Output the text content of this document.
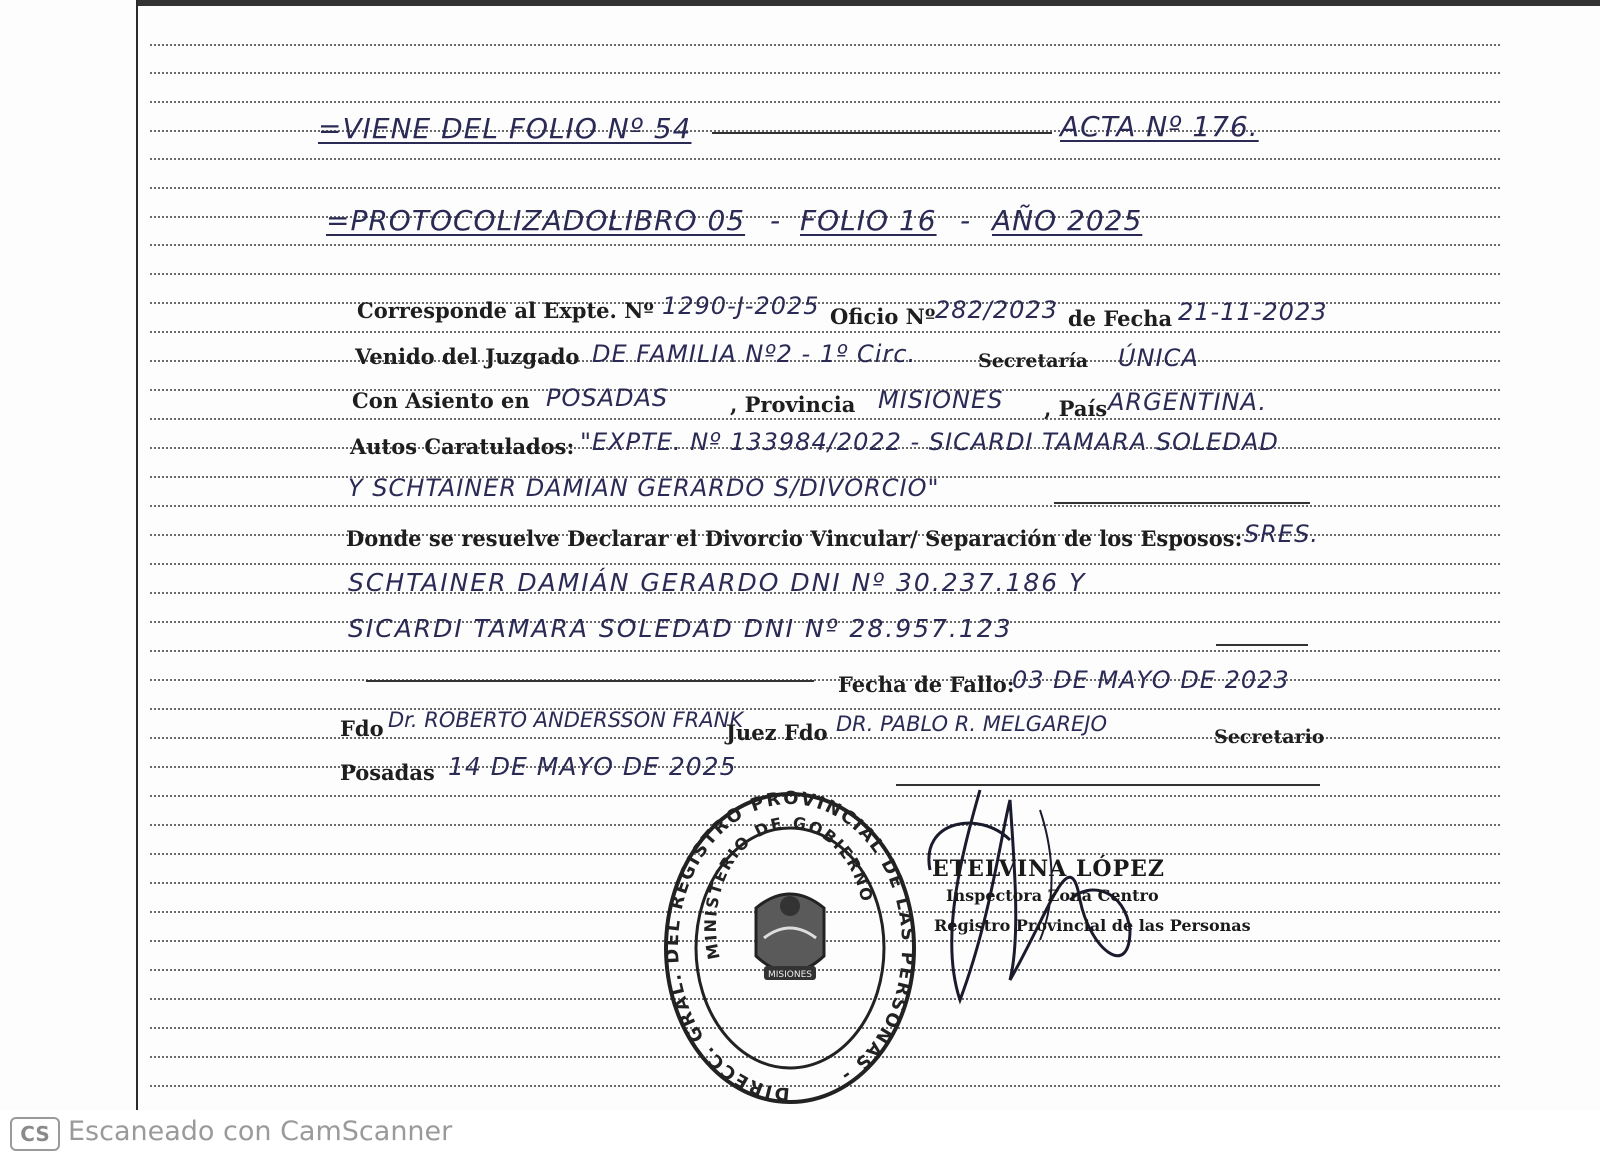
=VIENE DEL FOLIO Nº 54	ACTA Nº 176.
=PROTOCOLIZADO:
LIBRO 05 - FOLIO 16 - AÑO 2025
Corresponde al Expte. Nº 1290-J-2025 Oficio Nº 282/2023 de Fecha 21-11-2023
Venido del Juzgado DE FAMILIA Nº2 - 1º Circ.	Secretaría ÚNICA
Con Asiento en POSADAS	, Provincia MISIONES , País ARGENTINA.
Autos Caratulados: "EXPTE. Nº 133984/2022 - SICARDI TAMARA SOLEDAD
Y SCHTAINER DAMIAN GERARDO S/DIVORCIO"
Donde se resuelve Declarar el Divorcio Vincular/ Separación de los Esposos: SRES.
SCHTAINER DAMIÁN GERARDO DNI Nº 30.237.186 Y
SICARDI TAMARA SOLEDAD DNI Nº 28.957.123
Fecha de Fallo:
03 DE MAYO DE 2023
Fdo Dr. ROBERTO ANDERSSON FRANK
Juez Fdo DR. PABLO R. MELGAREJO
Secretario
Posadas 14 DE MAYO DE 2025
DIRECC. GRAL. DEL REGISTRO PROVINCIAL DE LAS PERSONAS -
MINISTERIO DE GOBIERNO
MISIONES
ETELVINA LÓPEZ
Inspectora Zona Centro
Registro Provincial de las Personas
CS Escaneado con CamScanner
